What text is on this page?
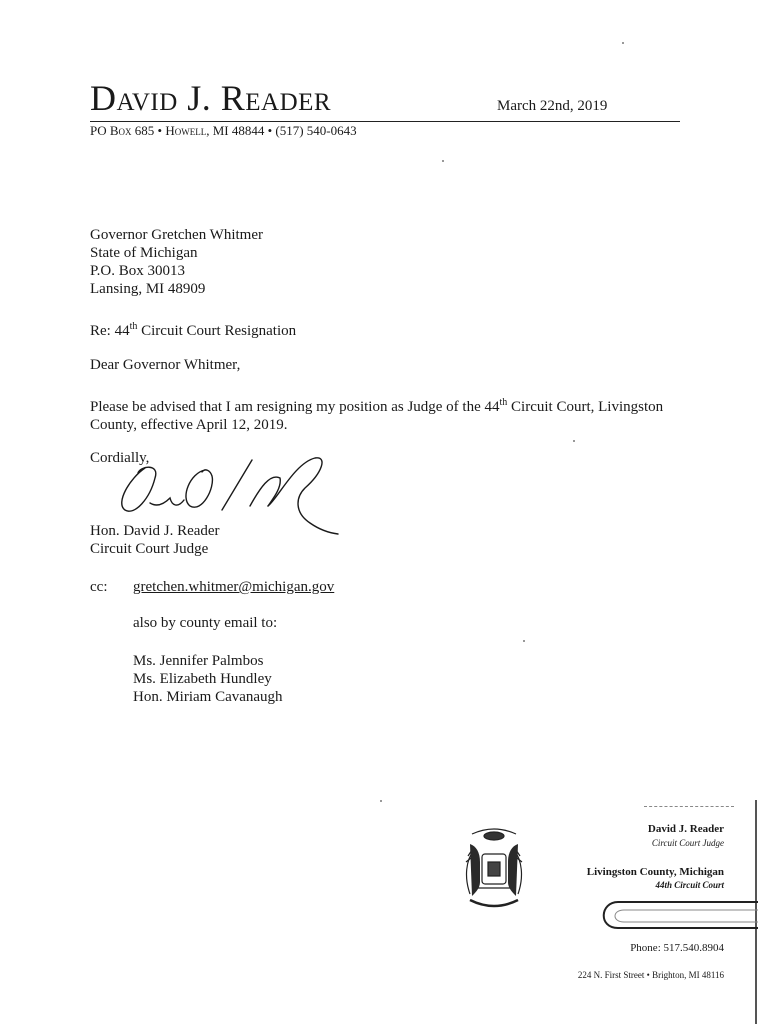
David J. Reader	March 22nd, 2019
PO Box 685 • Howell, MI 48844 • (517) 540-0643
Governor Gretchen Whitmer
State of Michigan
P.O. Box 30013
Lansing, MI 48909
Re: 44th Circuit Court Resignation
Dear Governor Whitmer,
Please be advised that I am resigning my position as Judge of the 44th Circuit Court, Livingston
County, effective April 12, 2019.
Cordially,
Hon. David J. Reader
Circuit Court Judge
cc: gretchen.whitmer@michigan.gov
also by county email to:
Ms. Jennifer Palmbos
Ms. Elizabeth Hundley
Hon. Miriam Cavanaugh
David J. Reader
Circuit Court Judge
Livingston County, Michigan
44th Circuit Court
Phone: 517.540.8904
224 N. First Street • Brighton, MI 48116
